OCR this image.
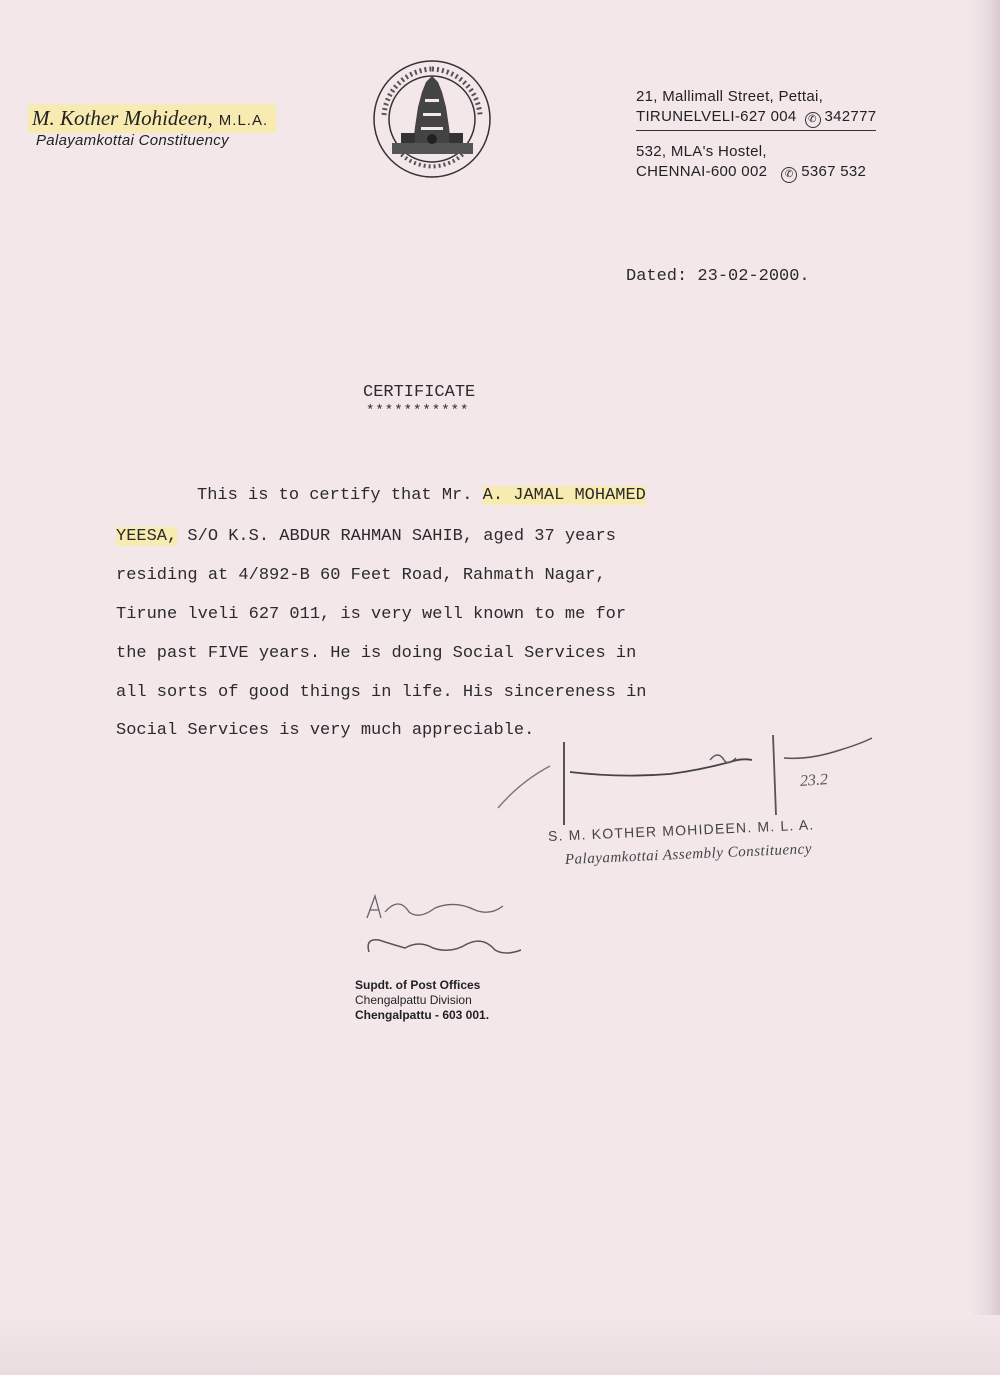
M. Kother Mohideen, M.L.A.
Palayamkottai Constituency
21, Mallimall Street, Pettai,
TIRUNELVELI-627 004 ✆ 342777
532, MLA's Hostel,
CHENNAI-600 002 ✆ 5367 532
Dated: 23-02-2000.
CERTIFICATE
***********
This is to certify that Mr. A. JAMAL MOHAMED
YEESA, S/O K.S. ABDUR RAHMAN SAHIB, aged 37 years
residing at 4/892-B 60 Feet Road, Rahmath Nagar,
Tirune lveli 627 011, is very well known to me for
the past FIVE years. He is doing Social Services in
all sorts of good things in life. His sincereness in
Social Services is very much appreciable.
23.2
S. M. KOTHER MOHIDEEN. M. L. A.
Palayamkottai Assembly Constituency
Supdt. of Post Offices
Chengalpattu Division
Chengalpattu - 603 001.
